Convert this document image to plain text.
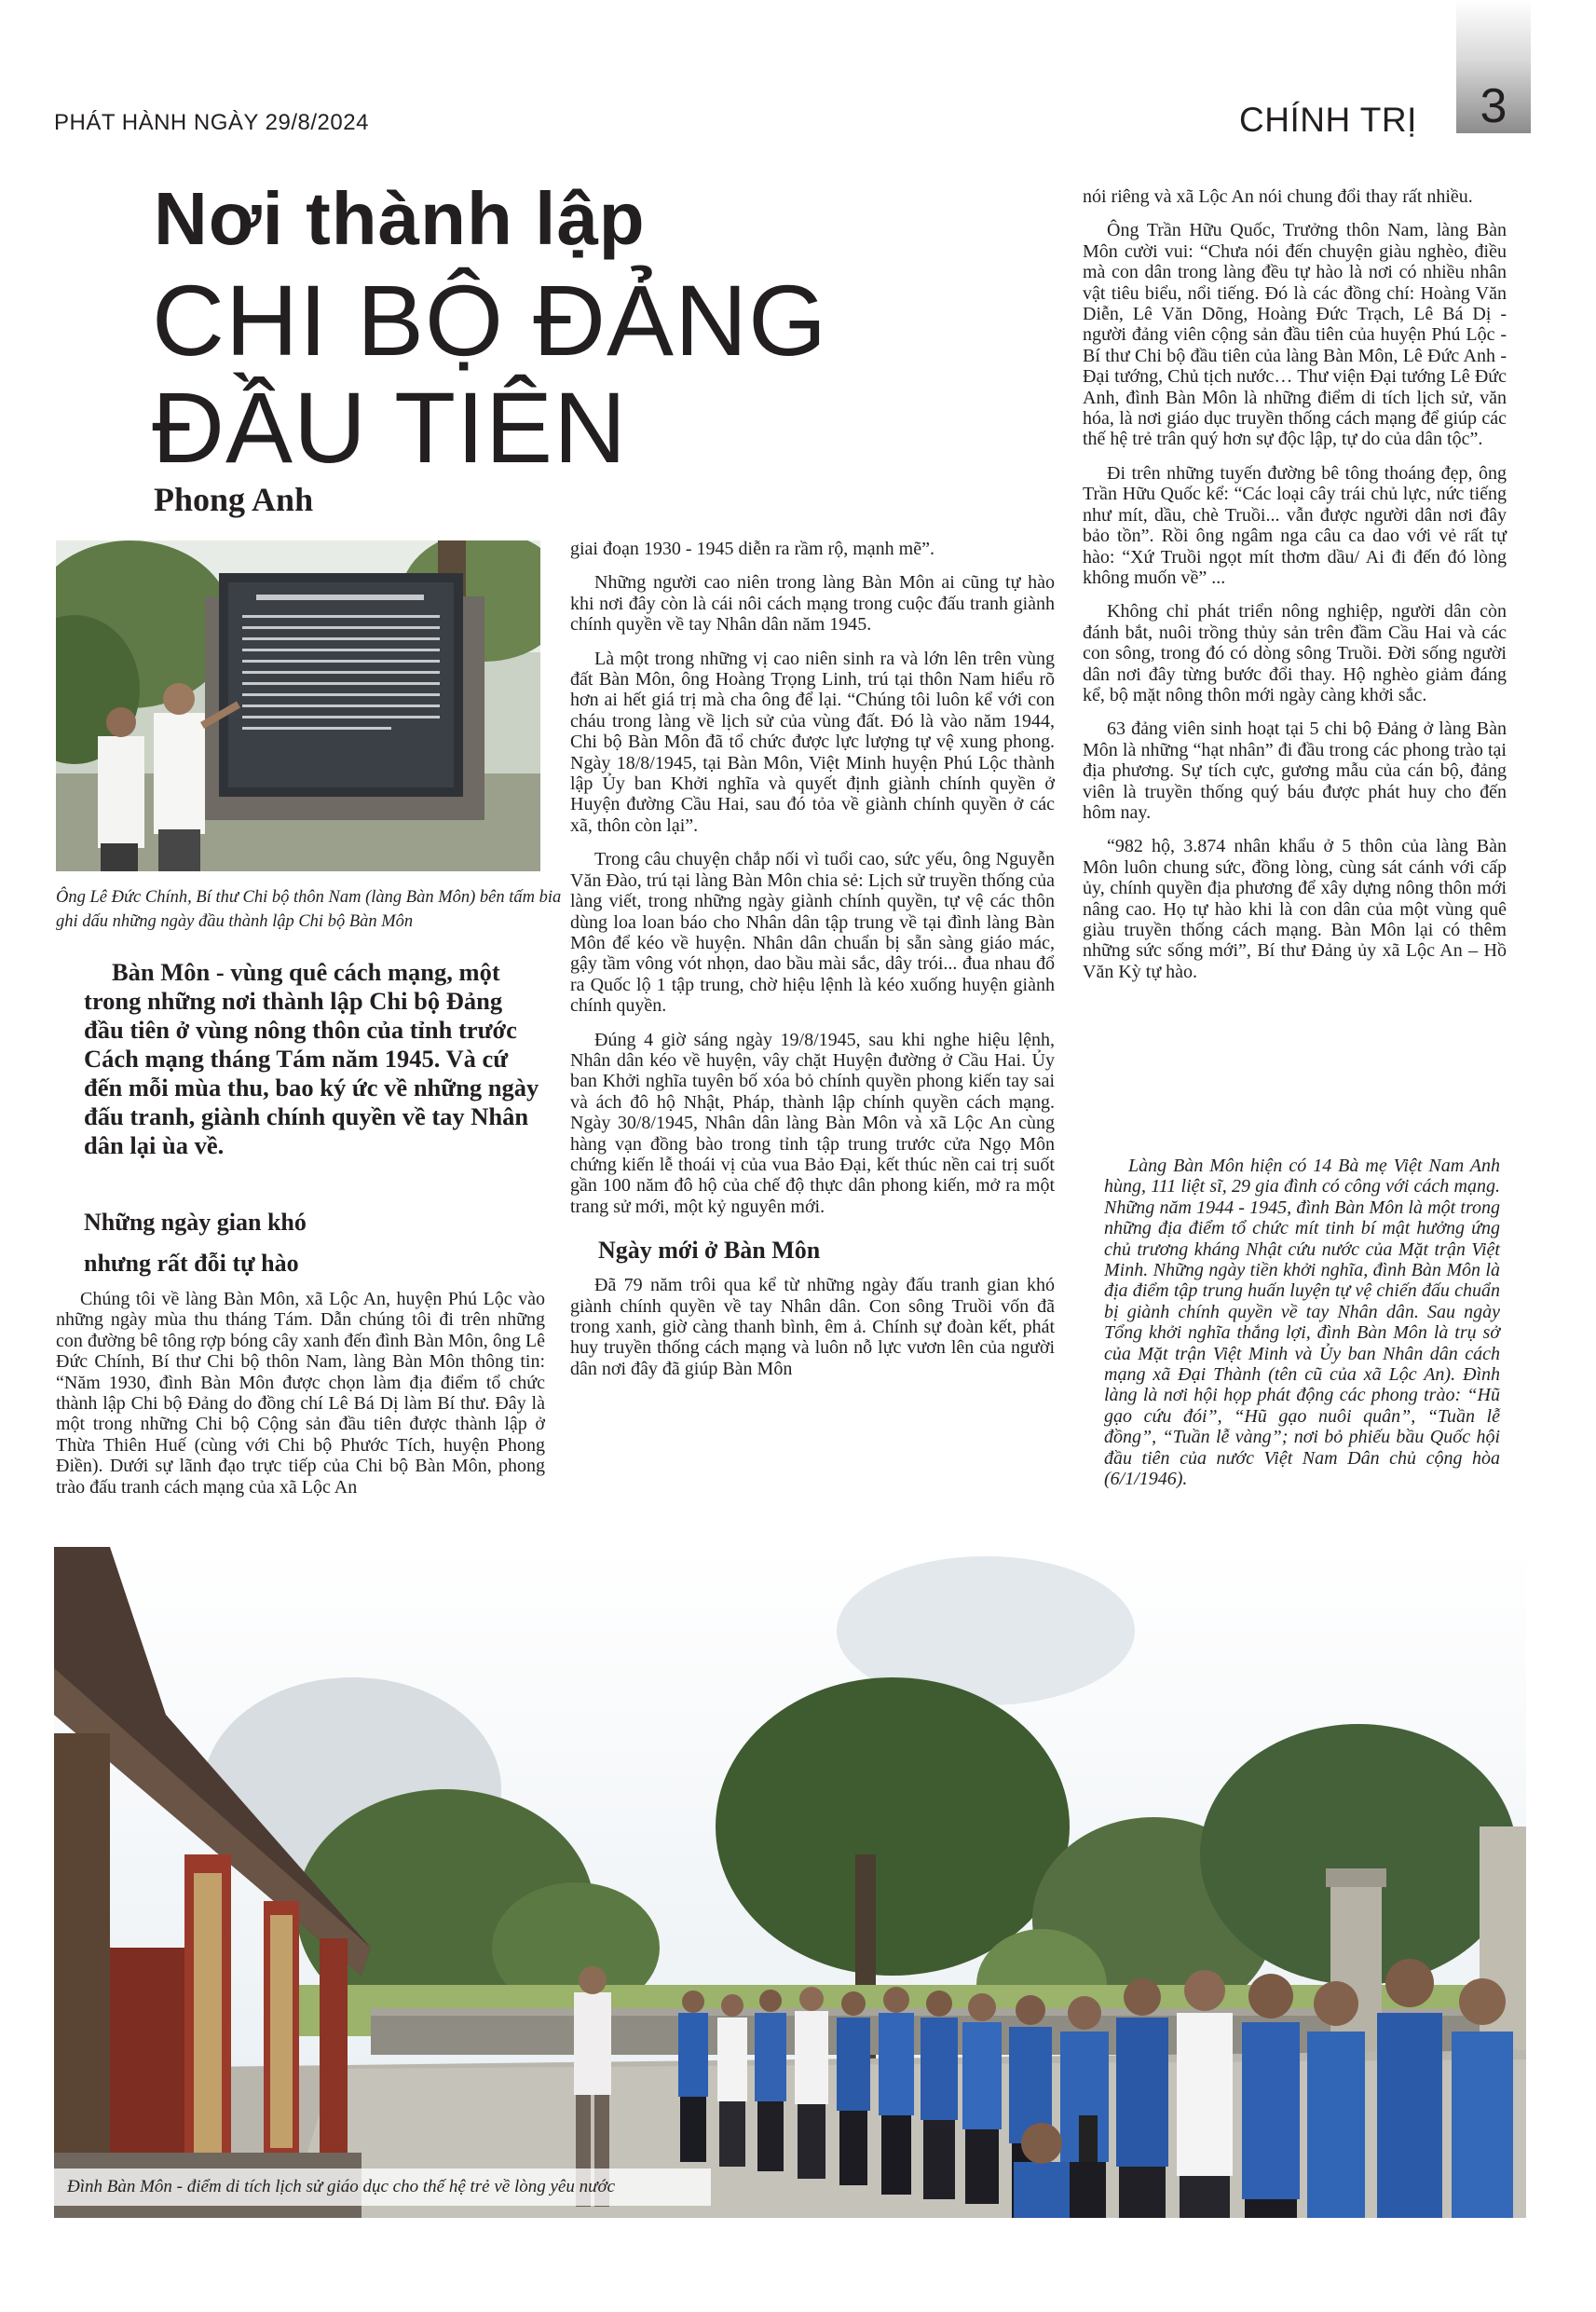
PHÁT HÀNH NGÀY 29/8/2024	CHÍNH TRỊ	3
Nơi thành lập
CHI BỘ ĐẢNG
ĐẦU TIÊN
Phong Anh
Ông Lê Đức Chính, Bí thư Chi bộ thôn Nam (làng Bàn Môn) bên tấm bia ghi dấu những ngày đầu thành lập Chi bộ Bàn Môn
Bàn Môn - vùng quê cách mạng, một trong những nơi thành lập Chi bộ Đảng đầu tiên ở vùng nông thôn của tỉnh trước Cách mạng tháng Tám năm 1945. Và cứ đến mỗi mùa thu, bao ký ức về những ngày đấu tranh, giành chính quyền về tay Nhân dân lại ùa về.
Những ngày gian khó
nhưng rất đỗi tự hào

Chúng tôi về làng Bàn Môn, xã Lộc An, huyện Phú Lộc vào những ngày mùa thu tháng Tám. Dẫn chúng tôi đi trên những con đường bê tông rợp bóng cây xanh đến đình Bàn Môn, ông Lê Đức Chính, Bí thư Chi bộ thôn Nam, làng Bàn Môn thông tin: “Năm 1930, đình Bàn Môn được chọn làm địa điểm tổ chức thành lập Chi bộ Đảng do đồng chí Lê Bá Dị làm Bí thư. Đây là một trong những Chi bộ Cộng sản đầu tiên được thành lập ở Thừa Thiên Huế (cùng với Chi bộ Phước Tích, huyện Phong Điền). Dưới sự lãnh đạo trực tiếp của Chi bộ Bàn Môn, phong trào đấu tranh cách mạng của xã Lộc An

giai đoạn 1930 - 1945 diễn ra rầm rộ, mạnh mẽ”.

Những người cao niên trong làng Bàn Môn ai cũng tự hào khi nơi đây còn là cái nôi cách mạng trong cuộc đấu tranh giành chính quyền về tay Nhân dân năm 1945.

Là một trong những vị cao niên sinh ra và lớn lên trên vùng đất Bàn Môn, ông Hoàng Trọng Linh, trú tại thôn Nam hiểu rõ hơn ai hết giá trị mà cha ông để lại. “Chúng tôi luôn kể với con cháu trong làng về lịch sử của vùng đất. Đó là vào năm 1944, Chi bộ Bàn Môn đã tổ chức được lực lượng tự vệ xung phong. Ngày 18/8/1945, tại Bàn Môn, Việt Minh huyện Phú Lộc thành lập Ủy ban Khởi nghĩa và quyết định giành chính quyền ở Huyện đường Cầu Hai, sau đó tỏa về giành chính quyền ở các xã, thôn còn lại”.

Trong câu chuyện chắp nối vì tuổi cao, sức yếu, ông Nguyễn Văn Đào, trú tại làng Bàn Môn chia sẻ: Lịch sử truyền thống của làng viết, trong những ngày giành chính quyền, tự vệ các thôn dùng loa loan báo cho Nhân dân tập trung về tại đình làng Bàn Môn để kéo về huyện. Nhân dân chuẩn bị sẵn sàng giáo mác, gậy tầm vông vót nhọn, dao bầu mài sắc, dây trói... đua nhau đổ ra Quốc lộ 1 tập trung, chờ hiệu lệnh là kéo xuống huyện giành chính quyền.

Đúng 4 giờ sáng ngày 19/8/1945, sau khi nghe hiệu lệnh, Nhân dân kéo về huyện, vây chặt Huyện đường ở Cầu Hai. Ủy ban Khởi nghĩa tuyên bố xóa bỏ chính quyền phong kiến tay sai và ách đô hộ Nhật, Pháp, thành lập chính quyền cách mạng. Ngày 30/8/1945, Nhân dân làng Bàn Môn và xã Lộc An cùng hàng vạn đồng bào trong tỉnh tập trung trước cửa Ngọ Môn chứng kiến lễ thoái vị của vua Bảo Đại, kết thúc nền cai trị suốt gần 100 năm đô hộ của chế độ thực dân phong kiến, mở ra một trang sử mới, một kỷ nguyên mới.

Ngày mới ở Bàn Môn

Đã 79 năm trôi qua kể từ những ngày đấu tranh gian khó giành chính quyền về tay Nhân dân. Con sông Truồi vốn đã trong xanh, giờ càng thanh bình, êm ả. Chính sự đoàn kết, phát huy truyền thống cách mạng và luôn nỗ lực vươn lên của người dân nơi đây đã giúp Bàn Môn

nói riêng và xã Lộc An nói chung đổi thay rất nhiều.

Ông Trần Hữu Quốc, Trưởng thôn Nam, làng Bàn Môn cười vui: “Chưa nói đến chuyện giàu nghèo, điều mà con dân trong làng đều tự hào là nơi có nhiều nhân vật tiêu biểu, nổi tiếng. Đó là các đồng chí: Hoàng Văn Diễn, Lê Văn Dõng, Hoàng Đức Trạch, Lê Bá Dị - người đảng viên cộng sản đầu tiên của huyện Phú Lộc - Bí thư Chi bộ đầu tiên của làng Bàn Môn, Lê Đức Anh - Đại tướng, Chủ tịch nước… Thư viện Đại tướng Lê Đức Anh, đình Bàn Môn là những điểm di tích lịch sử, văn hóa, là nơi giáo dục truyền thống cách mạng để giúp các thế hệ trẻ trân quý hơn sự độc lập, tự do của dân tộc”.

Đi trên những tuyến đường bê tông thoáng đẹp, ông Trần Hữu Quốc kể: “Các loại cây trái chủ lực, nức tiếng như mít, dầu, chè Truồi... vẫn được người dân nơi đây bảo tồn”. Rồi ông ngâm nga câu ca dao với vẻ rất tự hào: “Xứ Truồi ngọt mít thơm dầu/ Ai đi đến đó lòng không muốn về” ...

Không chỉ phát triển nông nghiệp, người dân còn đánh bắt, nuôi trồng thủy sản trên đầm Cầu Hai và các con sông, trong đó có dòng sông Truồi. Đời sống người dân nơi đây từng bước đổi thay. Hộ nghèo giảm đáng kể, bộ mặt nông thôn mới ngày càng khởi sắc.

63 đảng viên sinh hoạt tại 5 chi bộ Đảng ở làng Bàn Môn là những “hạt nhân” đi đầu trong các phong trào tại địa phương. Sự tích cực, gương mẫu của cán bộ, đảng viên là truyền thống quý báu được phát huy cho đến hôm nay.

“982 hộ, 3.874 nhân khẩu ở 5 thôn của làng Bàn Môn luôn chung sức, đồng lòng, cùng sát cánh với cấp ủy, chính quyền địa phương để xây dựng nông thôn mới nâng cao. Họ tự hào khi là con dân của một vùng quê giàu truyền thống cách mạng. Bàn Môn lại có thêm những sức sống mới”, Bí thư Đảng ủy xã Lộc An – Hồ Văn Kỳ tự hào.

Làng Bàn Môn hiện có 14 Bà mẹ Việt Nam Anh hùng, 111 liệt sĩ, 29 gia đình có công với cách mạng. Những năm 1944 - 1945, đình Bàn Môn là một trong những địa điểm tổ chức mít tinh bí mật hưởng ứng chủ trương kháng Nhật cứu nước của Mặt trận Việt Minh. Những ngày tiền khởi nghĩa, đình Bàn Môn là địa điểm tập trung huấn luyện tự vệ chiến đấu chuẩn bị giành chính quyền về tay Nhân dân. Sau ngày Tổng khởi nghĩa thắng lợi, đình Bàn Môn là trụ sở của Mặt trận Việt Minh và Ủy ban Nhân dân cách mạng xã Đại Thành (tên cũ của xã Lộc An). Đình làng là nơi hội họp phát động các phong trào: “Hũ gạo cứu đói”, “Hũ gạo nuôi quân”, “Tuần lễ đồng”, “Tuần lễ vàng”; nơi bỏ phiếu bầu Quốc hội đầu tiên của nước Việt Nam Dân chủ cộng hòa (6/1/1946).
Đình Bàn Môn - điểm di tích lịch sử giáo dục cho thế hệ trẻ về lòng yêu nước
